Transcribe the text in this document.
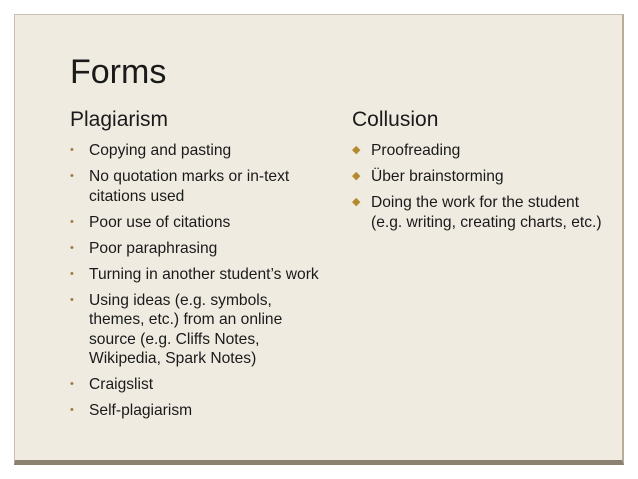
Forms
Plagiarism	Collusion
• Copying and pasting
• No quotation marks or in-text citations used
• Poor use of citations
• Poor paraphrasing
• Turning in another student’s work
• Using ideas (e.g. symbols, themes, etc.) from an online source (e.g. Cliffs Notes, Wikipedia, Spark Notes)
• Craigslist
• Self-plagiarism
◆ Proofreading
◆ Über brainstorming
◆ Doing the work for the student (e.g. writing, creating charts, etc.)
